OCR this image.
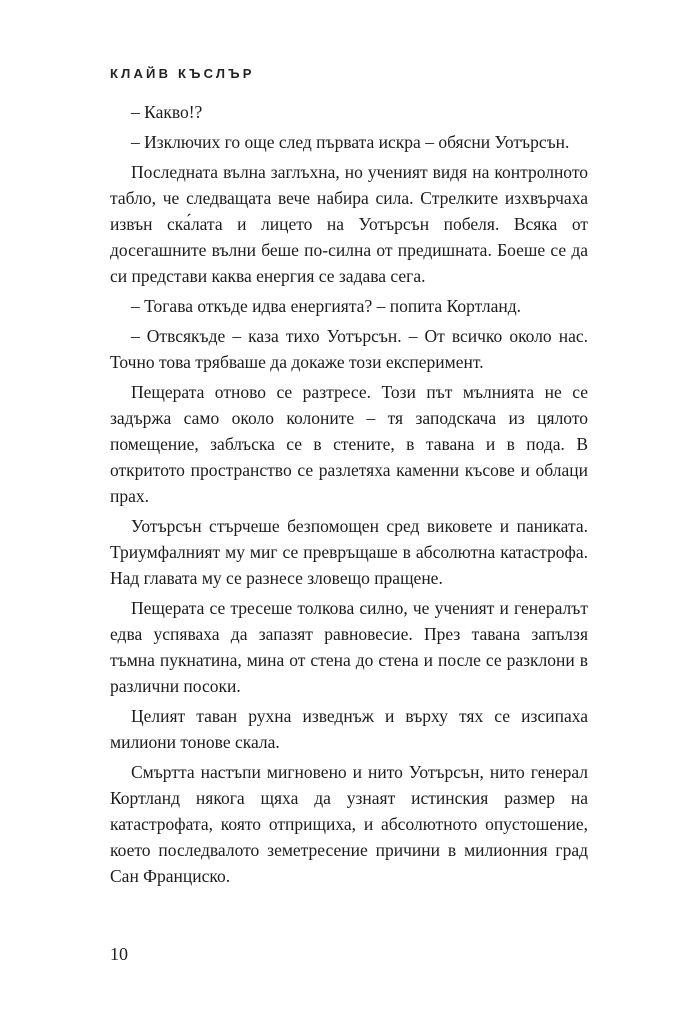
КЛАЙВ КЪСЛЪР

– Какво!?

– Изключих го още след първата искра – обясни Уотърсън.

Последната вълна заглъхна, но ученият видя на контролното табло, че следващата вече набира сила. Стрелките изхвърчаха извън ска́лата и лицето на Уотърсън побеля. Всяка от досегашните вълни беше по-силна от предишната. Боеше се да си представи каква енергия се задава сега.

– Тогава откъде идва енергията? – попита Кортланд.

– Отвсякъде – каза тихо Уотърсън. – От всичко около нас. Точно това трябваше да докаже този експеримент.

Пещерата отново се разтресе. Този път мълнията не се задържа само около колоните – тя заподскача из цялото помещение, заблъска се в стените, в тавана и в пода. В откритото пространство се разлетяха каменни късове и облаци прах.

Уотърсън стърчеше безпомощен сред виковете и паниката. Триумфалният му миг се превръщаше в абсолютна катастрофа. Над главата му се разнесе зловещо пращене.

Пещерата се тресеше толкова силно, че ученият и генералът едва успяваха да запазят равновесие. През тавана запълзя тъмна пукнатина, мина от стена до стена и после се разклони в различни посоки.

Целият таван рухна изведнъж и върху тях се изсипаха милиони тонове скала.

Смъртта настъпи мигновено и нито Уотърсън, нито генерал Кортланд някога щяха да узнаят истинския размер на катастрофата, която отприщиха, и абсолютното опустошение, което последвалото земетресение причини в милионния град Сан Франциско.

10
